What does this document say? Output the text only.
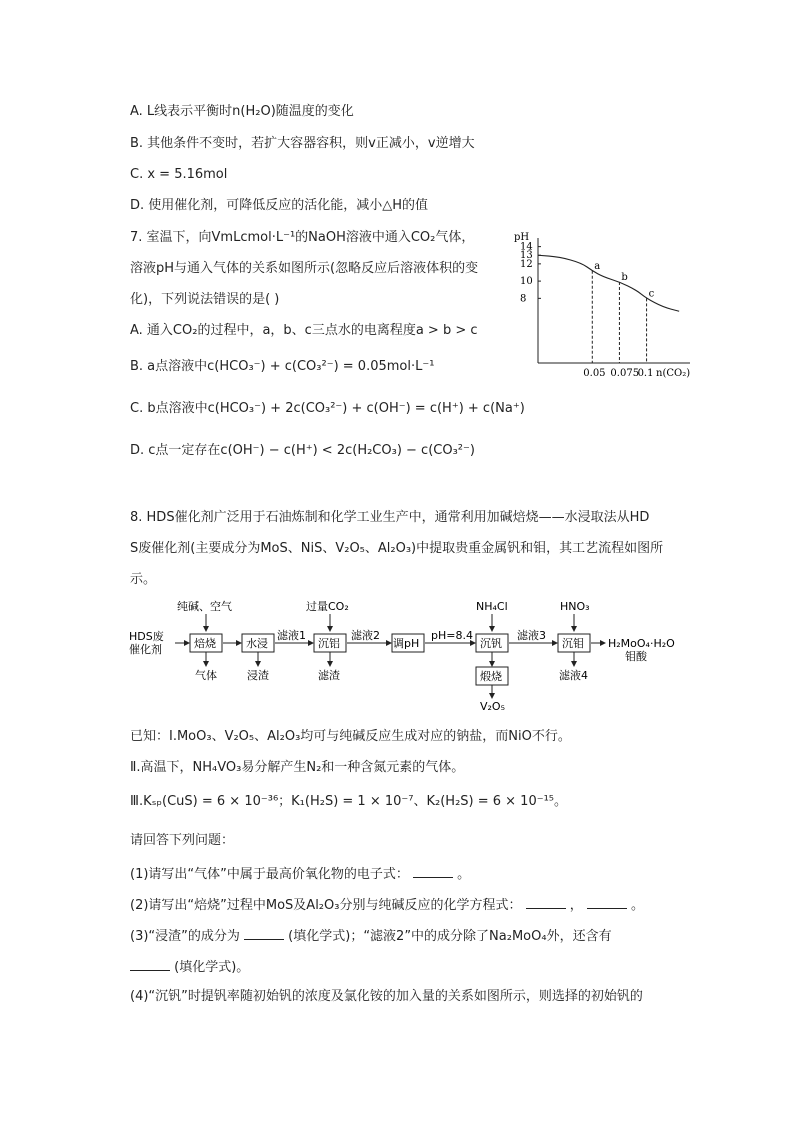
A. L线表示平衡时n(H₂O)随温度的变化
B. 其他条件不变时，若扩大容器容积，则v正减小，v逆增大
C. x = 5.16mol
D. 使用催化剂，可降低反应的活化能，减小△H的值
7. 室温下，向VmLcmol·L⁻¹的NaOH溶液中通入CO₂气体，
溶液pH与通入气体的关系如图所示(忽略反应后溶液体积的变
化)，下列说法错误的是( )
A. 通入CO₂的过程中，a，b、c三点水的电离程度a > b > c
B. a点溶液中c(HCO₃⁻) + c(CO₃²⁻) = 0.05mol·L⁻¹
C. b点溶液中c(HCO₃⁻) + 2c(CO₃²⁻) + c(OH⁻) = c(H⁺) + c(Na⁺)
D. c点一定存在c(OH⁻) − c(H⁺) < 2c(H₂CO₃) − c(CO₃²⁻)
pH
n(CO₂)
14
13
12
10
8
0.05 0.075
0.1
a
b
c
8. HDS催化剂广泛用于石油炼制和化学工业生产中，通常利用加碱焙烧——水浸取法从HD
S废催化剂(主要成分为MoS、NiS、V₂O₅、Al₂O₃)中提取贵重金属钒和钼，其工艺流程如图所
示。
HDS废
催化剂	焙烧	水浸	沉铝	调pH	沉钒	沉钼
煅烧
纯碱、空气	过量CO₂	NH₄Cl	HNO₃
滤液1	滤液2	pH=8.4	滤液3
气体	浸渣	滤渣	滤液4
V₂O₅
H₂MoO₄·H₂O
钼酸
已知：Ⅰ.MoO₃、V₂O₅、Al₂O₃均可与纯碱反应生成对应的钠盐，而NiO不行。
Ⅱ.高温下，NH₄VO₃易分解产生N₂和一种含氮元素的气体。
Ⅲ.Kₛₚ(CuS) = 6 × 10⁻³⁶；K₁(H₂S) = 1 × 10⁻⁷、K₂(H₂S) = 6 × 10⁻¹⁵。
请回答下列问题：
(1)请写出“气体”中属于最高价氧化物的电子式：	。
(2)请写出“焙烧”过程中MoS及Al₂O₃分别与纯碱反应的化学方程式：	，	。
(3)“浸渣”的成分为	(填化学式)；“滤液2”中的成分除了Na₂MoO₄外，还含有
(填化学式)。
(4)“沉钒”时提钒率随初始钒的浓度及氯化铵的加入量的关系如图所示，则选择的初始钒的
